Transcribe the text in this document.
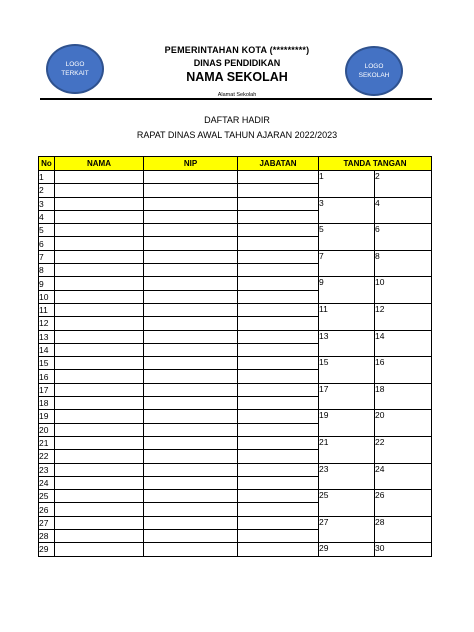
LOGO
TERKAIT
LOGO
SEKOLAH
PEMERINTAHAN KOTA (*********)
DINAS PENDIDIKAN
NAMA SEKOLAH
Alamat Sekolah
DAFTAR HADIR
RAPAT DINAS AWAL TAHUN AJARAN 2022/2023
No	NAMA	NIP	JABATAN	TANDA TANGAN	
1				1	2
2					
3				3	4
4					
5				5	6
6					
7				7	8
8					
9				9	10
10					
11				11	12
12					
13				13	14
14					
15				15	16
16					
17				17	18
18					
19				19	20
20					
21				21	22
22					
23				23	24
24					
25				25	26
26					
27				27	28
28					
29				29	30
